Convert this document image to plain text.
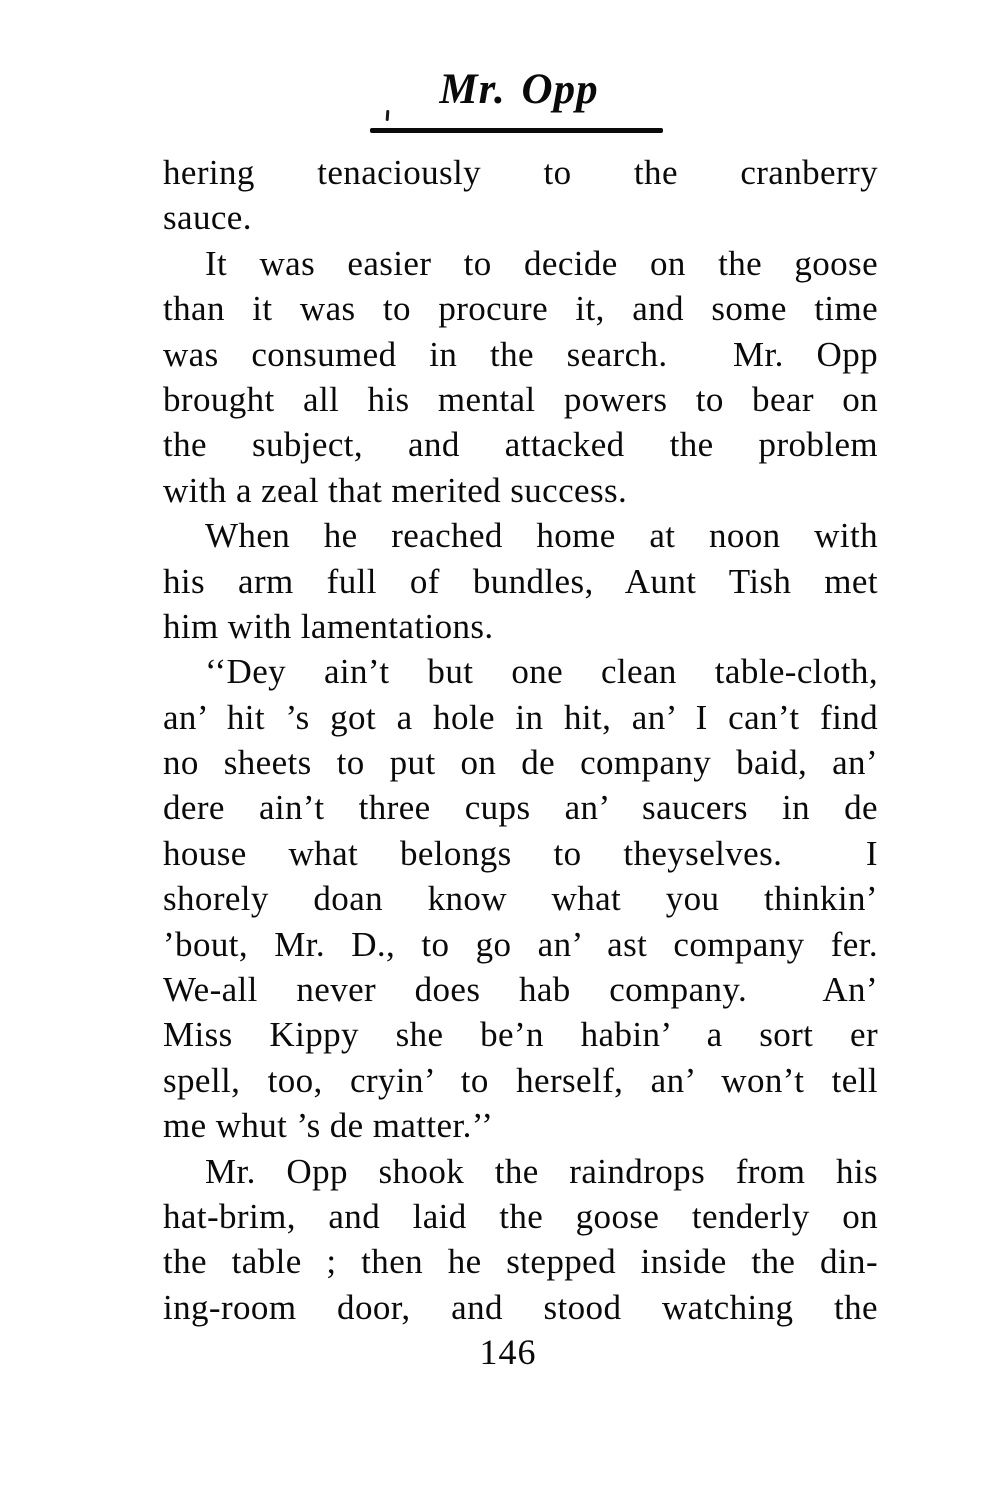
Mr. Opp
hering tenaciously to the cranberry
sauce.
It was easier to decide on the goose
than it was to procure it, and some time
was consumed in the search.  Mr. Opp
brought all his mental powers to bear on
the subject, and attacked the problem
with a zeal that merited success.
When he reached home at noon with
his arm full of bundles, Aunt Tish met
him with lamentations.
‘‘Dey ain’t but one clean table-cloth,
an’ hit ’s got a hole in hit, an’ I can’t find
no sheets to put on de company baid, an’
dere ain’t three cups an’ saucers in de
house what belongs to theyselves.  I
shorely doan know what you thinkin’
’bout, Mr. D., to go an’ ast company fer.
We-all never does hab company.  An’
Miss Kippy she be’n habin’ a sort er
spell, too, cryin’ to herself, an’ won’t tell
me whut ’s de matter.’’
Mr. Opp shook the raindrops from his
hat-brim, and laid the goose tenderly on
the table ; then he stepped inside the din-
ing-room door, and stood watching the
146
